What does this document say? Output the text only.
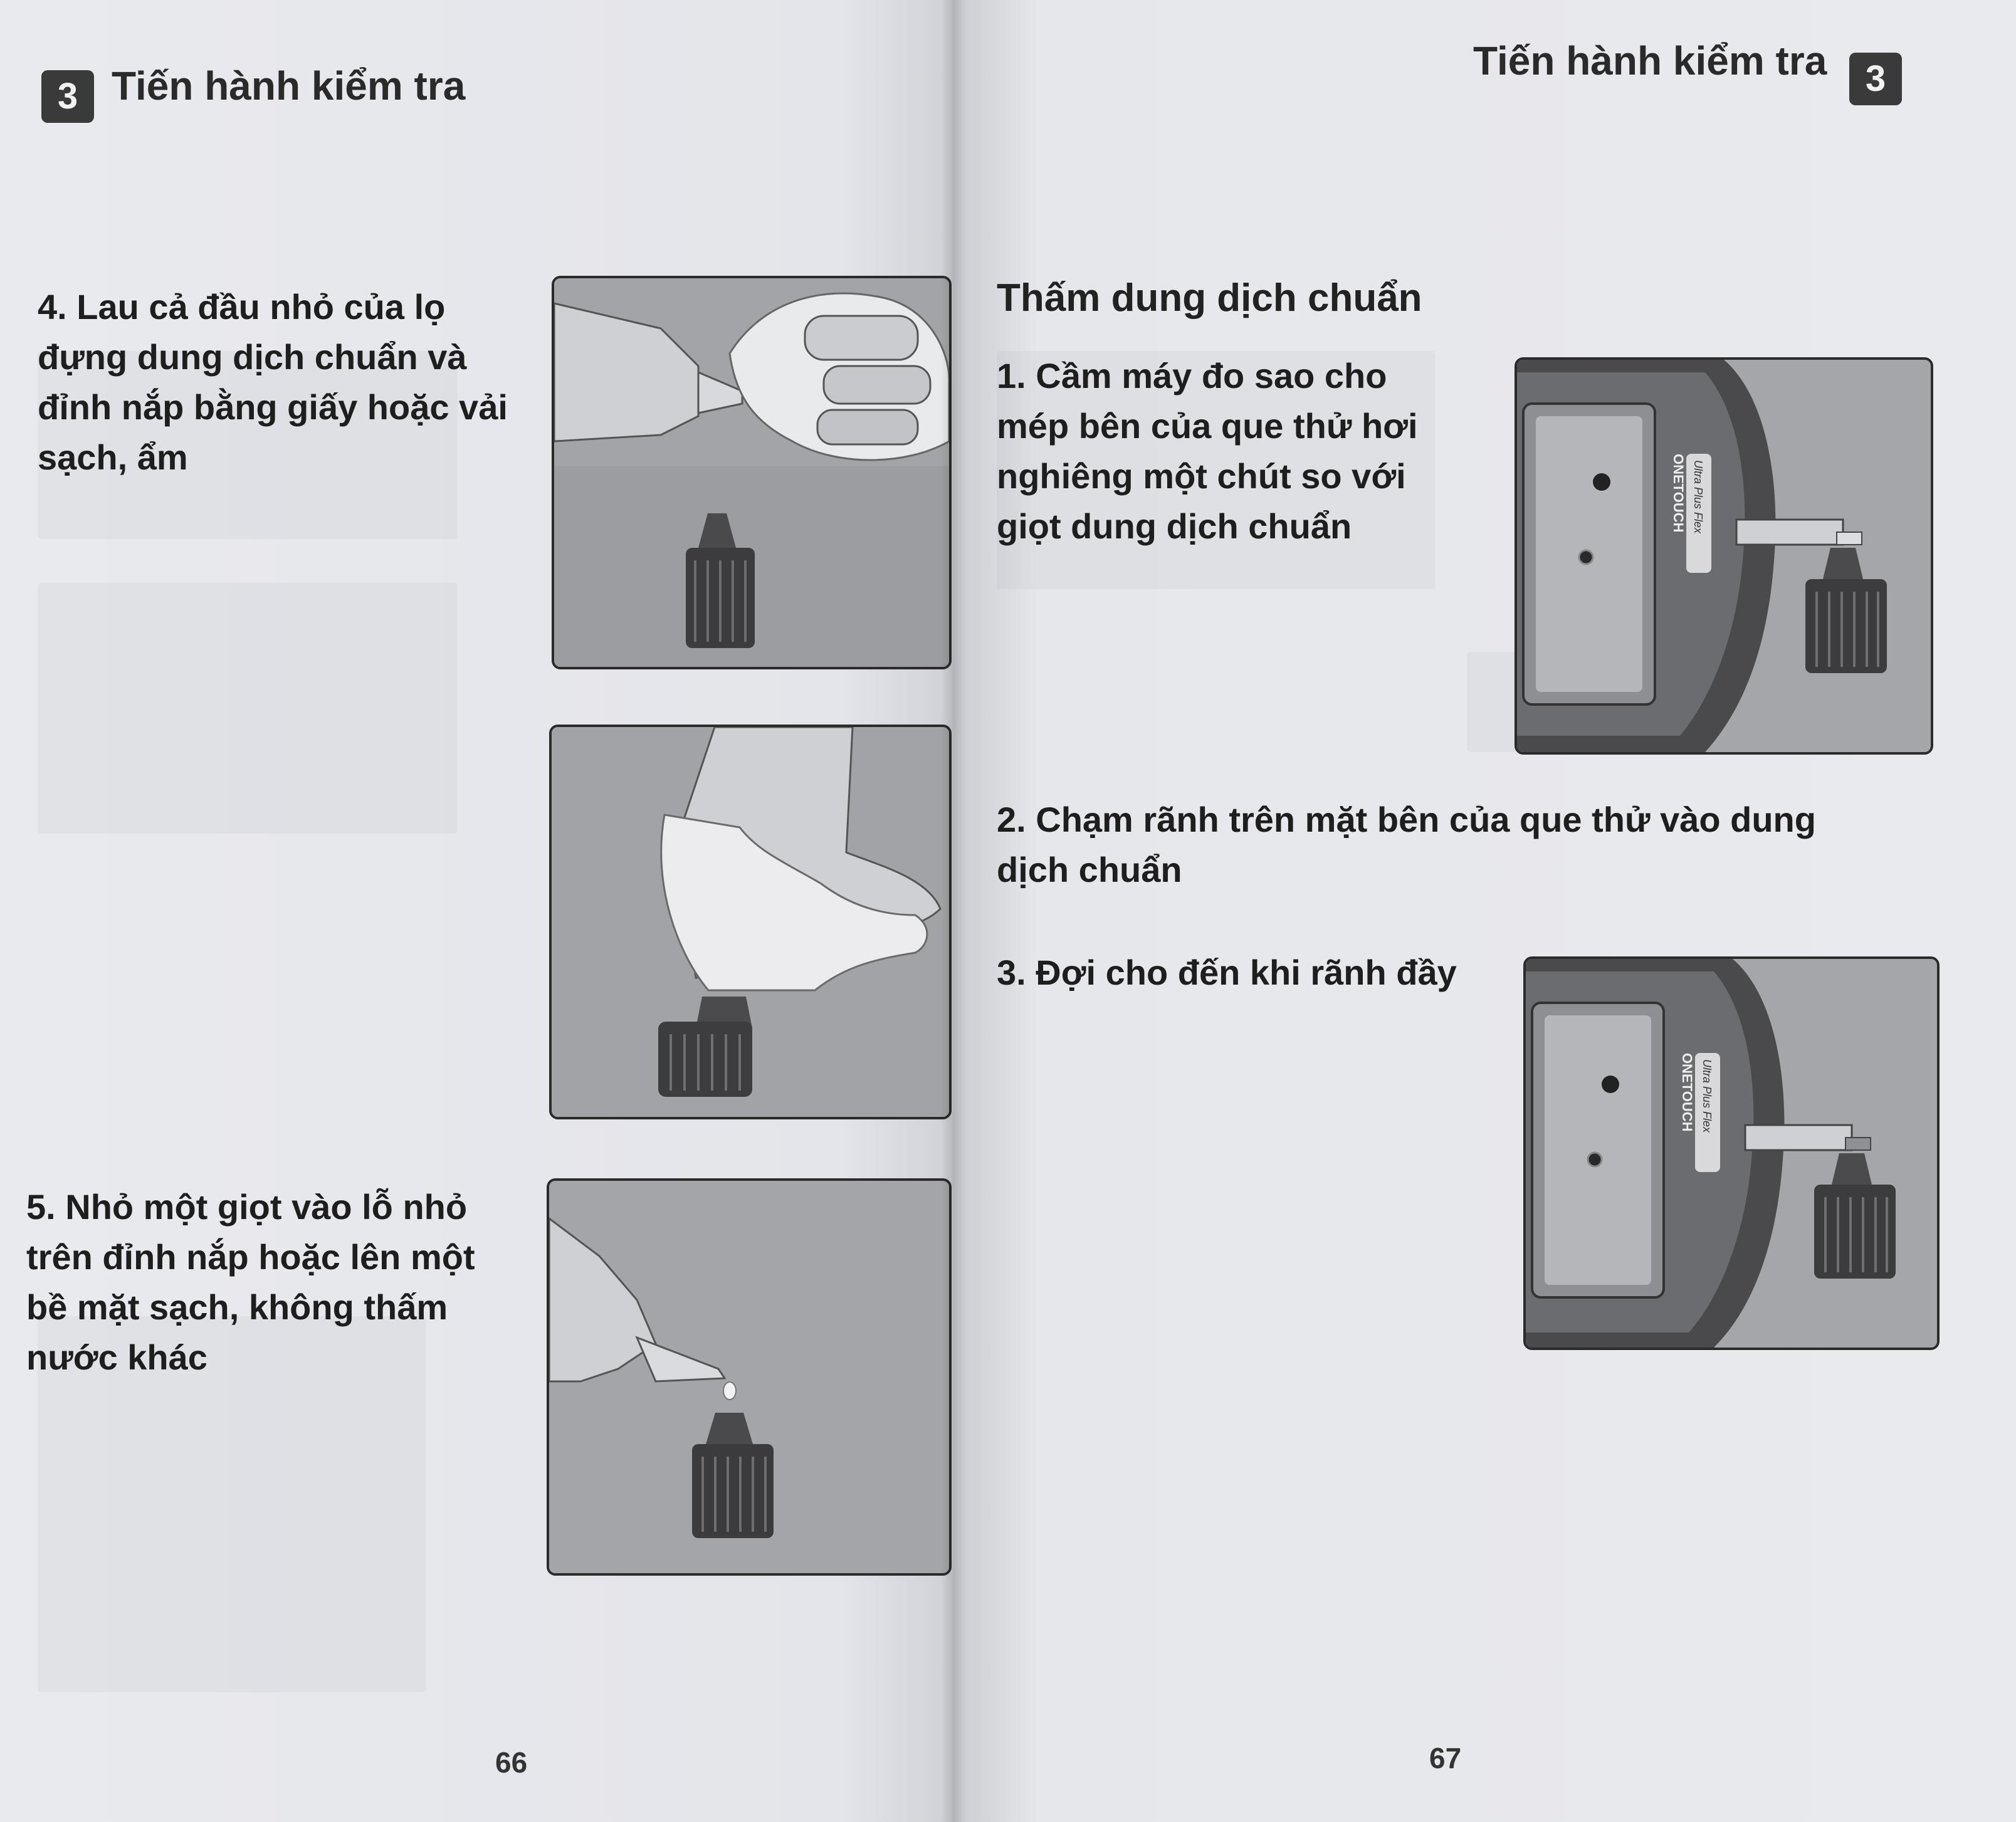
3 Tiến hành kiểm tra

4. Lau cả đầu nhỏ của lọ đựng dung dịch chuẩn và đỉnh nắp bằng giấy hoặc vải sạch, ẩm

5. Nhỏ một giọt vào lỗ nhỏ trên đỉnh nắp hoặc lên một bề mặt sạch, không thấm nước khác

66
Tiến hành kiểm tra	3
Thấm dung dịch chuẩn

1. Cầm máy đo sao cho mép bên của que thử hơi nghiêng một chút so với giọt dung dịch chuẩn	ONETOUCH Ultra Plus Flex

2. Chạm rãnh trên mặt bên của que thử vào dung dịch chuẩn

3. Đợi cho đến khi rãnh đầy

ONETOUCH Ultra Plus Flex
67
